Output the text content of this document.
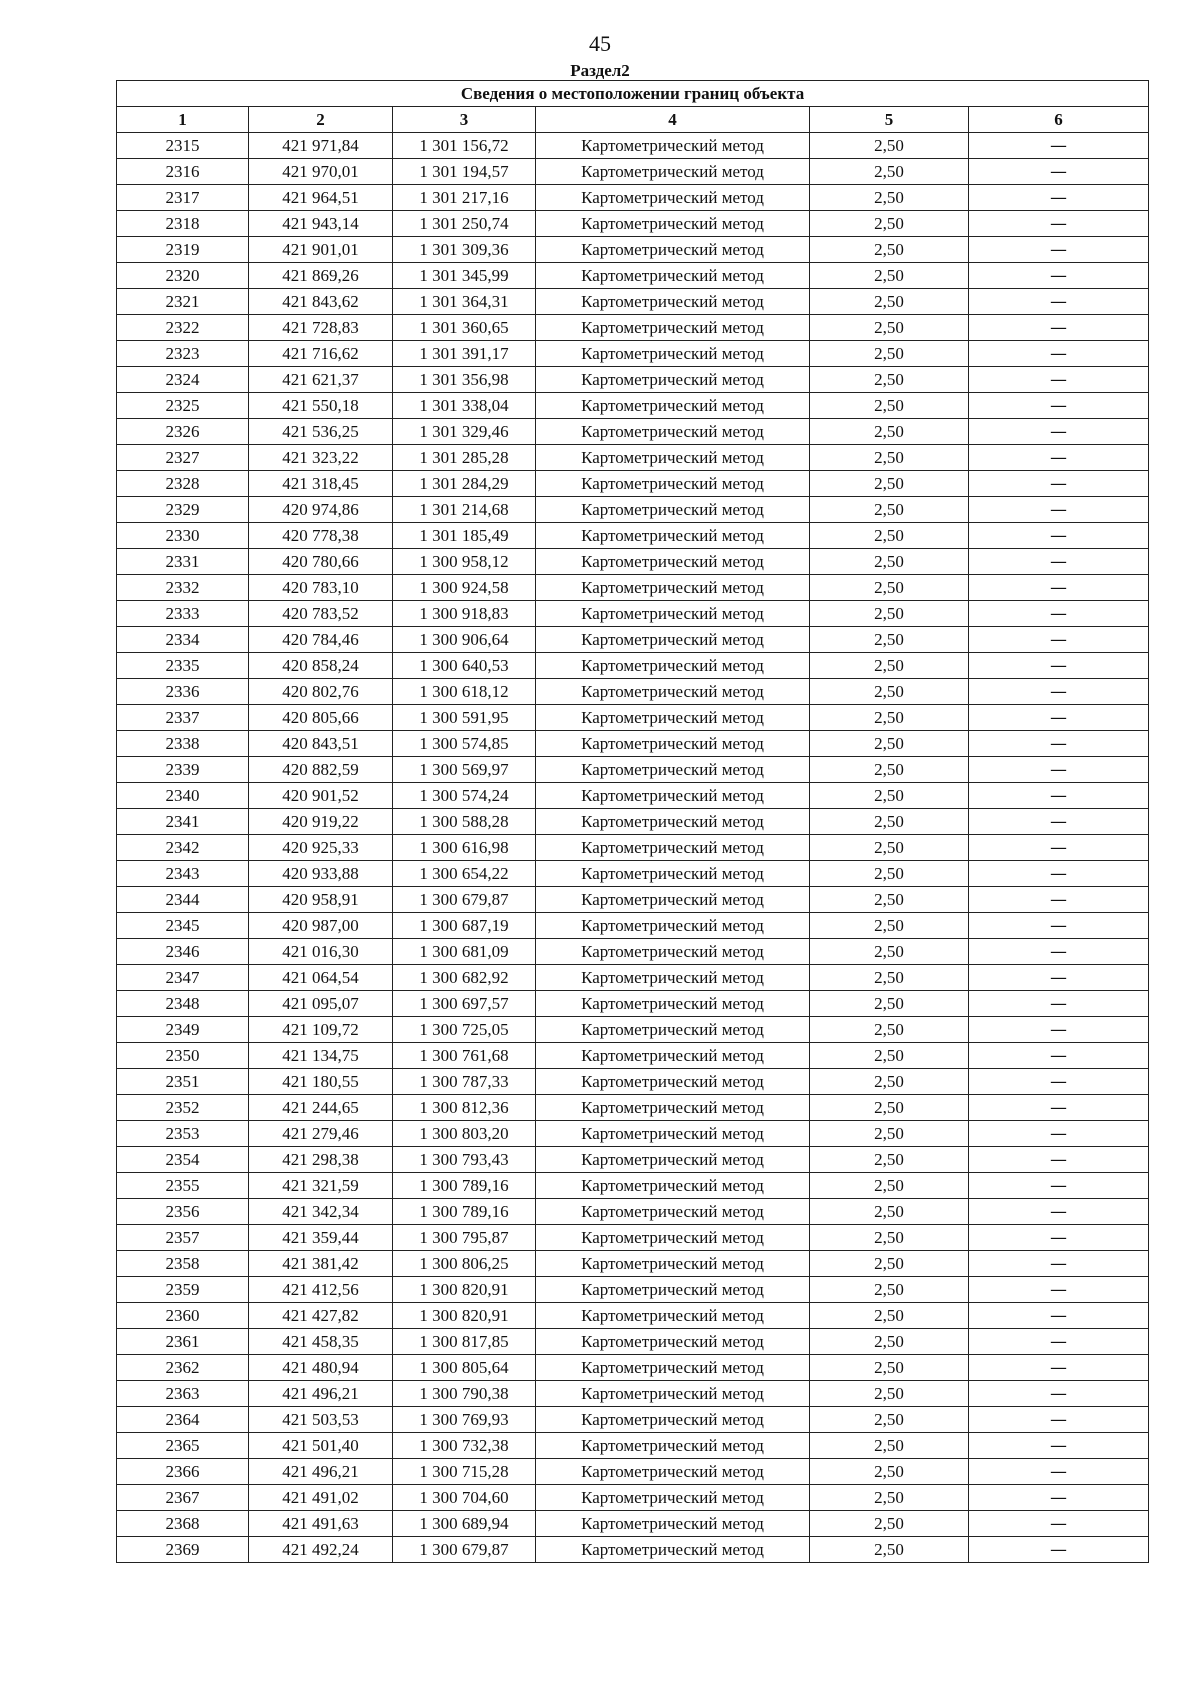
45
Раздел2
Сведения о местоположении границ объекта					
1	2	3	4	5	6
2315	421 971,84	1 301 156,72	Картометрический метод	2,50	—
2316	421 970,01	1 301 194,57	Картометрический метод	2,50	—
2317	421 964,51	1 301 217,16	Картометрический метод	2,50	—
2318	421 943,14	1 301 250,74	Картометрический метод	2,50	—
2319	421 901,01	1 301 309,36	Картометрический метод	2,50	—
2320	421 869,26	1 301 345,99	Картометрический метод	2,50	—
2321	421 843,62	1 301 364,31	Картометрический метод	2,50	—
2322	421 728,83	1 301 360,65	Картометрический метод	2,50	—
2323	421 716,62	1 301 391,17	Картометрический метод	2,50	—
2324	421 621,37	1 301 356,98	Картометрический метод	2,50	—
2325	421 550,18	1 301 338,04	Картометрический метод	2,50	—
2326	421 536,25	1 301 329,46	Картометрический метод	2,50	—
2327	421 323,22	1 301 285,28	Картометрический метод	2,50	—
2328	421 318,45	1 301 284,29	Картометрический метод	2,50	—
2329	420 974,86	1 301 214,68	Картометрический метод	2,50	—
2330	420 778,38	1 301 185,49	Картометрический метод	2,50	—
2331	420 780,66	1 300 958,12	Картометрический метод	2,50	—
2332	420 783,10	1 300 924,58	Картометрический метод	2,50	—
2333	420 783,52	1 300 918,83	Картометрический метод	2,50	—
2334	420 784,46	1 300 906,64	Картометрический метод	2,50	—
2335	420 858,24	1 300 640,53	Картометрический метод	2,50	—
2336	420 802,76	1 300 618,12	Картометрический метод	2,50	—
2337	420 805,66	1 300 591,95	Картометрический метод	2,50	—
2338	420 843,51	1 300 574,85	Картометрический метод	2,50	—
2339	420 882,59	1 300 569,97	Картометрический метод	2,50	—
2340	420 901,52	1 300 574,24	Картометрический метод	2,50	—
2341	420 919,22	1 300 588,28	Картометрический метод	2,50	—
2342	420 925,33	1 300 616,98	Картометрический метод	2,50	—
2343	420 933,88	1 300 654,22	Картометрический метод	2,50	—
2344	420 958,91	1 300 679,87	Картометрический метод	2,50	—
2345	420 987,00	1 300 687,19	Картометрический метод	2,50	—
2346	421 016,30	1 300 681,09	Картометрический метод	2,50	—
2347	421 064,54	1 300 682,92	Картометрический метод	2,50	—
2348	421 095,07	1 300 697,57	Картометрический метод	2,50	—
2349	421 109,72	1 300 725,05	Картометрический метод	2,50	—
2350	421 134,75	1 300 761,68	Картометрический метод	2,50	—
2351	421 180,55	1 300 787,33	Картометрический метод	2,50	—
2352	421 244,65	1 300 812,36	Картометрический метод	2,50	—
2353	421 279,46	1 300 803,20	Картометрический метод	2,50	—
2354	421 298,38	1 300 793,43	Картометрический метод	2,50	—
2355	421 321,59	1 300 789,16	Картометрический метод	2,50	—
2356	421 342,34	1 300 789,16	Картометрический метод	2,50	—
2357	421 359,44	1 300 795,87	Картометрический метод	2,50	—
2358	421 381,42	1 300 806,25	Картометрический метод	2,50	—
2359	421 412,56	1 300 820,91	Картометрический метод	2,50	—
2360	421 427,82	1 300 820,91	Картометрический метод	2,50	—
2361	421 458,35	1 300 817,85	Картометрический метод	2,50	—
2362	421 480,94	1 300 805,64	Картометрический метод	2,50	—
2363	421 496,21	1 300 790,38	Картометрический метод	2,50	—
2364	421 503,53	1 300 769,93	Картометрический метод	2,50	—
2365	421 501,40	1 300 732,38	Картометрический метод	2,50	—
2366	421 496,21	1 300 715,28	Картометрический метод	2,50	—
2367	421 491,02	1 300 704,60	Картометрический метод	2,50	—
2368	421 491,63	1 300 689,94	Картометрический метод	2,50	—
2369	421 492,24	1 300 679,87	Картометрический метод	2,50	—
